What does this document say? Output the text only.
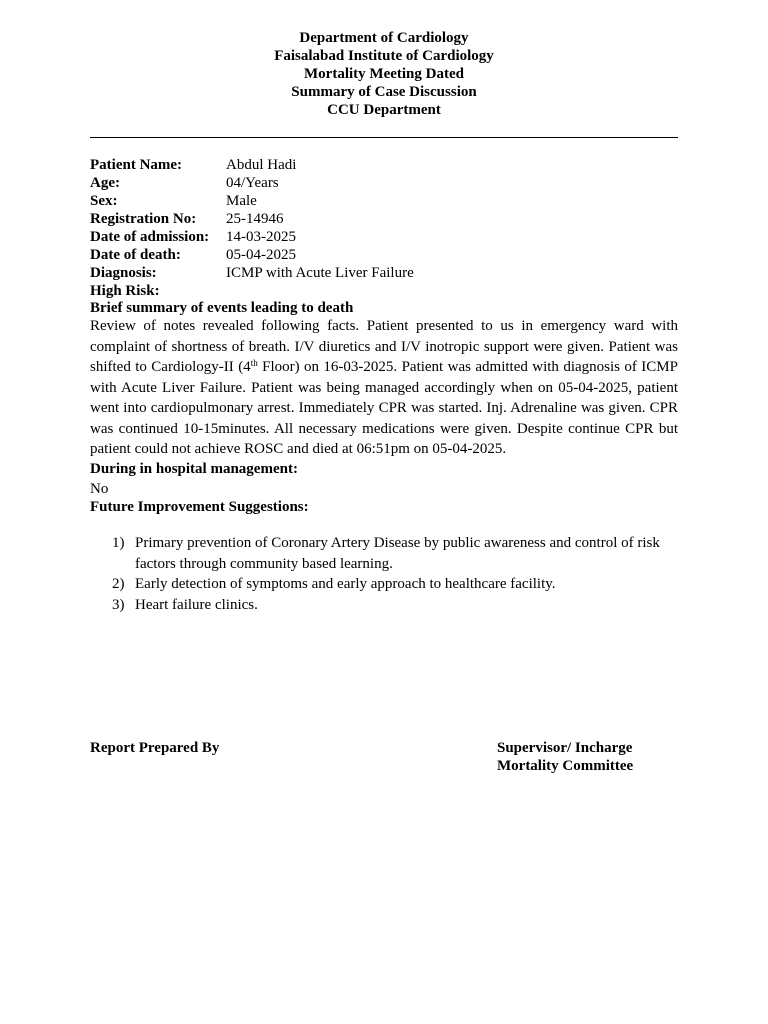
Department of Cardiology
Faisalabad Institute of Cardiology
Mortality Meeting Dated
Summary of Case Discussion
CCU Department
Patient Name:	Abdul Hadi
Age:	04/Years
Sex:	Male
Registration No:	25-14946
Date of admission:	14-03-2025
Date of death:	05-04-2025
Diagnosis:	ICMP with Acute Liver Failure
High Risk:
Brief summary of events leading to death

Review of notes revealed following facts. Patient presented to us in emergency ward with complaint of shortness of breath. I/V diuretics and I/V inotropic support were given. Patient was shifted to Cardiology-II (4th Floor) on 16-03-2025. Patient was admitted with diagnosis of ICMP with Acute Liver Failure. Patient was being managed accordingly when on 05-04-2025, patient went into cardiopulmonary arrest. Immediately CPR was started. Inj. Adrenaline was given. CPR was continued 10-15minutes. All necessary medications were given. Despite continue CPR but patient could not achieve ROSC and died at 06:51pm on 05-04-2025.

During in hospital management:
No
Future Improvement Suggestions:
1) Primary prevention of Coronary Artery Disease by public awareness and control of risk factors through community based learning.
2) Early detection of symptoms and early approach to healthcare facility.
3) Heart failure clinics.
Report Prepared By	Supervisor/ Incharge
Mortality Committee
